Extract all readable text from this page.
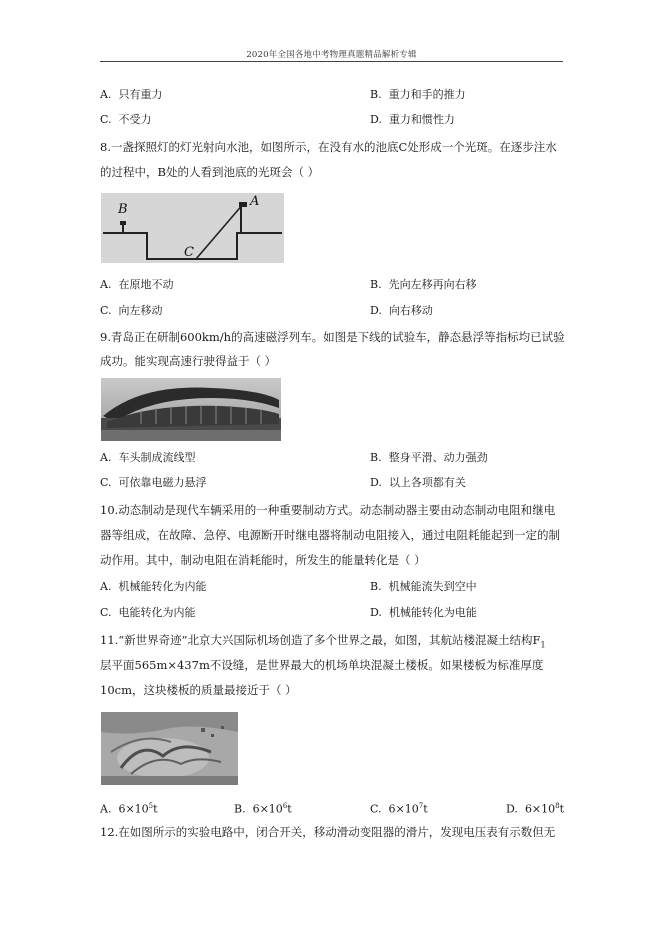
2020年全国各地中考物理真题精品解析专辑
A. 只有重力	B. 重力和手的推力
C. 不受力	D. 重力和惯性力
8.一盏探照灯的灯光射向水池，如图所示，在没有水的池底C处形成一个光斑。在逐步注水
的过程中，B处的人看到池底的光斑会（ ）
B
A
C
A. 在原地不动	B. 先向左移再向右移
C. 向左移动	D. 向右移动
9.青岛正在研制600km/h的高速磁浮列车。如图是下线的试验车，静态悬浮等指标均已试验
成功。能实现高速行驶得益于（ ）
A. 车头制成流线型	B. 整身平滑、动力强劲
C. 可依靠电磁力悬浮	D. 以上各项都有关
10.动态制动是现代车辆采用的一种重要制动方式。动态制动器主要由动态制动电阻和继电
器等组成，在故障、急停、电源断开时继电器将制动电阻接入，通过电阻耗能起到一定的制
动作用。其中，制动电阻在消耗能时，所发生的能量转化是（ ）
A. 机械能转化为内能	B. 机械能流失到空中
C. 电能转化为内能	D. 机械能转化为电能
11.“新世界奇迹”北京大兴国际机场创造了多个世界之最，如图，其航站楼混凝土结构$F_1$
层平面565m×437m不设缝，是世界最大的机场单块混凝土楼板。如果楼板为标准厚度
10cm，这块楼板的质量最接近于（ ）
A. $6\times 10^5t$	B. $6\times 10^6t$	C. $6\times 10^7t$	D. $6\times 10^8t$
12.在如图所示的实验电路中，闭合开关，移动滑动变阻器的滑片，发现电压表有示数但无
